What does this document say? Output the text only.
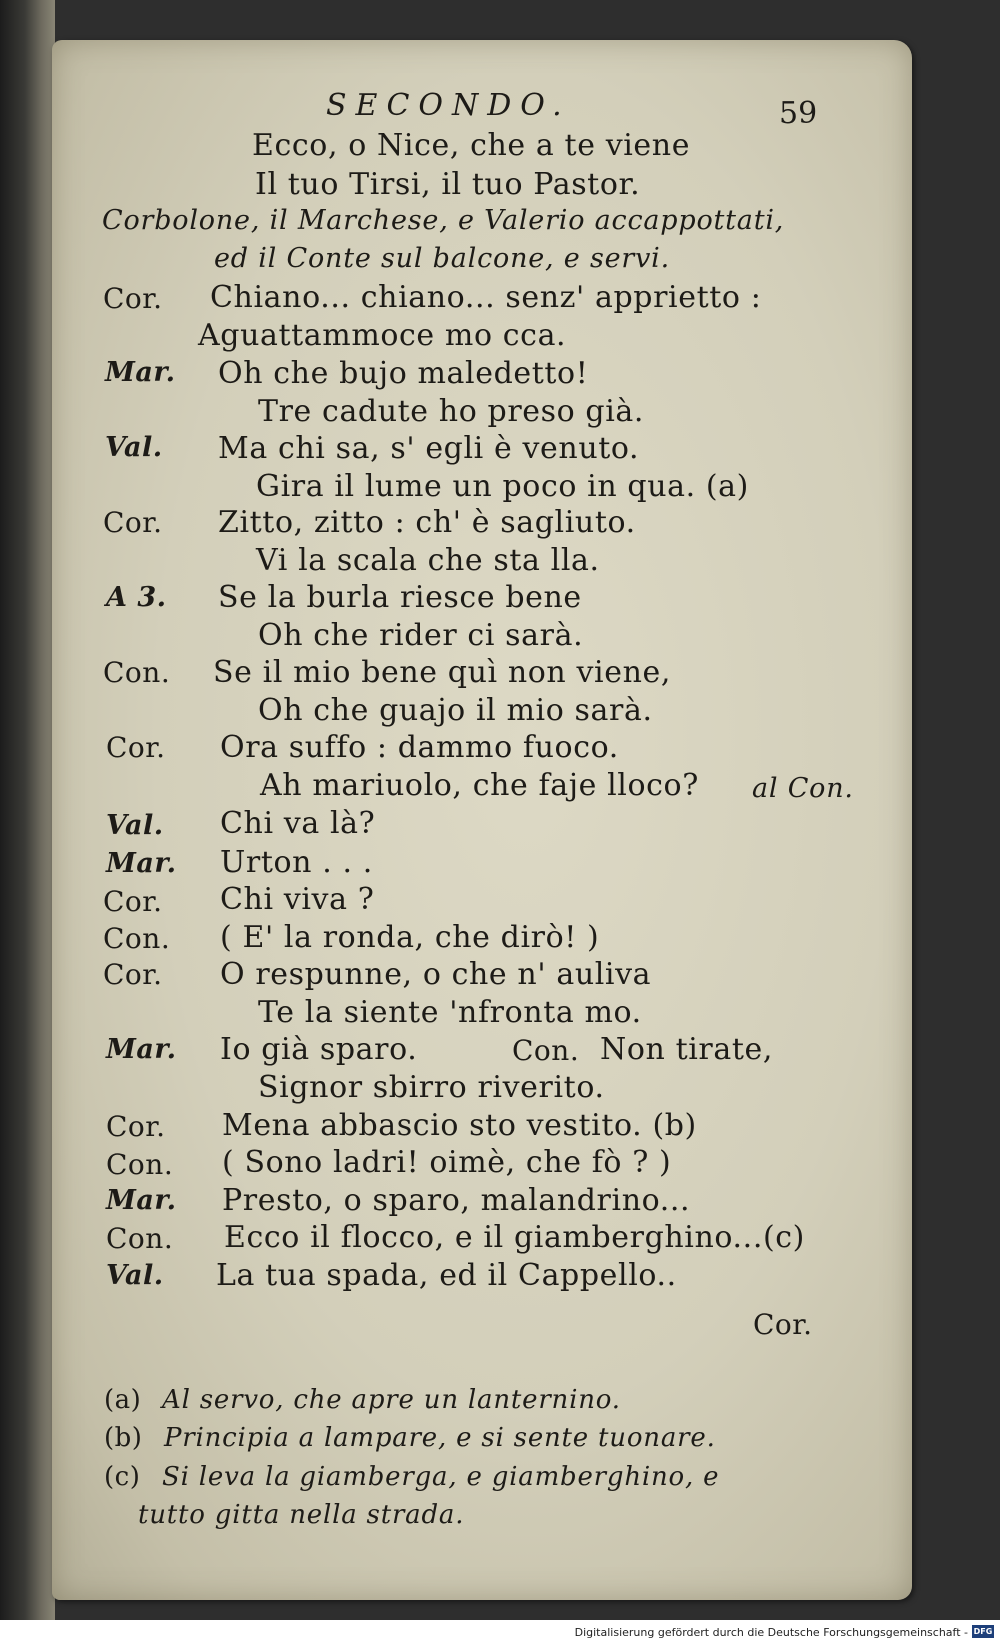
SECONDO.	59
Ecco, o Nice, che a te viene
Il tuo Tirsi, il tuo Pastor.
Corbolone, il Marchese, e Valerio accappottati,
ed il Conte sul balcone, e servi.
Cor. Chiano... chiano... senz' apprietto :
Aguattammoce mo cca.
Mar. Oh che bujo maledetto!
Tre cadute ho preso già.
Val. Ma chi sa, s' egli è venuto.
Gira il lume un poco in qua. (a)
Cor. Zitto, zitto : ch' è sagliuto.
Vi la scala che sta lla.
A 3. Se la burla riesce bene
Oh che rider ci sarà.
Con. Se il mio bene quì non viene,
Oh che guajo il mio sarà.
Cor. Ora suffo : dammo fuoco.
Ah mariuolo, che faje lloco? al Con.
Val. Chi va là?
Mar. Urton . . .
Cor. Chi viva ?
Con. ( E' la ronda, che dirò! )
Cor. O respunne, o che n' auliva
Te la siente 'nfronta mo.
Mar. Io già sparo.	Con. Non tirate,
Signor sbirro riverito.
Cor. Mena abbascio sto vestito. (b)
Con. ( Sono ladri! oimè, che fò ? )
Mar. Presto, o sparo, malandrino...
Con. Ecco il flocco, e il giamberghino...(c)
Val. La tua spada, ed il Cappello..
Cor.
(a) Al servo, che apre un lanternino.
(b) Principia a lampare, e si sente tuonare.
(c) Si leva la giamberga, e giamberghino, e
tutto gitta nella strada.
Digitalisierung gefördert durch die Deutsche Forschungsgemeinschaft - DFG
